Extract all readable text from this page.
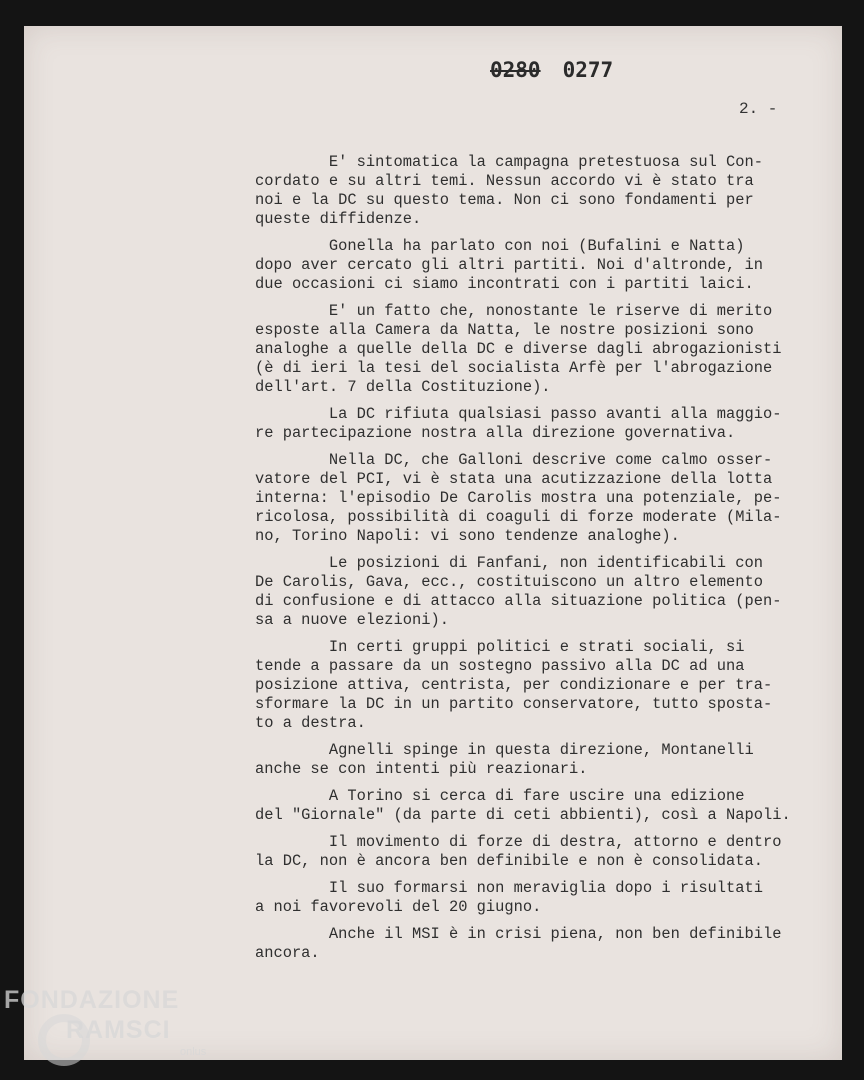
0280 0277
2. -
E' sintomatica la campagna pretestuosa sul Con-
cordato e su altri temi. Nessun accordo vi è stato tra
noi e la DC su questo tema. Non ci sono fondamenti per
queste diffidenze.
Gonella ha parlato con noi (Bufalini e Natta)
dopo aver cercato gli altri partiti. Noi d'altronde, in
due occasioni ci siamo incontrati con i partiti laici.
E' un fatto che, nonostante le riserve di merito
esposte alla Camera da Natta, le nostre posizioni sono
analoghe a quelle della DC e diverse dagli abrogazionisti
(è di ieri la tesi del socialista Arfè per l'abrogazione
dell'art. 7 della Costituzione).
La DC rifiuta qualsiasi passo avanti alla maggio-
re partecipazione nostra alla direzione governativa.
Nella DC, che Galloni descrive come calmo osser-
vatore del PCI, vi è stata una acutizzazione della lotta
interna: l'episodio De Carolis mostra una potenziale, pe-
ricolosa, possibilità di coaguli di forze moderate (Mila-
no, Torino Napoli: vi sono tendenze analoghe).
Le posizioni di Fanfani, non identificabili con
De Carolis, Gava, ecc., costituiscono un altro elemento
di confusione e di attacco alla situazione politica (pen-
sa a nuove elezioni).
In certi gruppi politici e strati sociali, si
tende a passare da un sostegno passivo alla DC ad una
posizione attiva, centrista, per condizionare e per tra-
sformare la DC in un partito conservatore, tutto sposta-
to a destra.
Agnelli spinge in questa direzione, Montanelli
anche se con intenti più reazionari.
A Torino si cerca di fare uscire una edizione
del "Giornale" (da parte di ceti abbienti), così a Napoli.
Il movimento di forze di destra, attorno e dentro
la DC, non è ancora ben definibile e non è consolidata.
Il suo formarsi non meraviglia dopo i risultati
a noi favorevoli del 20 giugno.
Anche il MSI è in crisi piena, non ben definibile
ancora.
FONDAZIONE
RAMSCI
onlus
